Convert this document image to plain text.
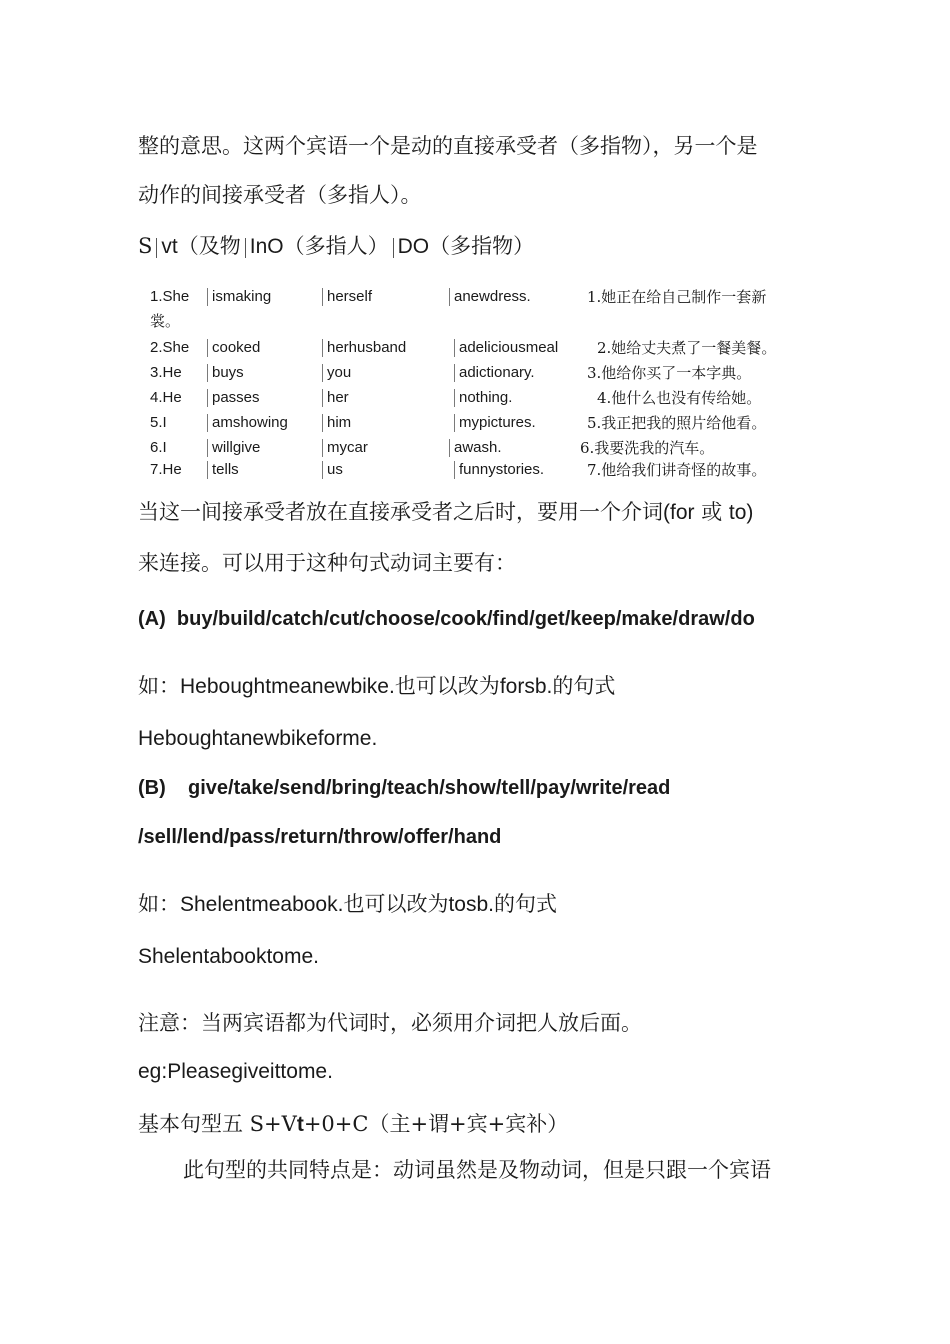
整的意思。这两个宾语一个是动的直接承受者（多指物），另一个是
动作的间接承受者（多指人）。
S vt（及物 InO（多指人） DO（多指物）
1.She	ismaking	herself	anewdress.	1.她正在给自己制作一套新
裳。
2.She	cooked	herhusband	adeliciousmeal	2.她给丈夫煮了一餐美餐。
3.He	buys	you	adictionary.	3.他给你买了一本字典。
4.He	passes	her	nothing.	4.他什么也没有传给她。
5.I	amshowing	him	mypictures.	5.我正把我的照片给他看。
6.I	willgive	mycar	awash.	6.我要洗我的汽车。
7.He	tells	us	funnystories.	7.他给我们讲奇怪的故事。
当这一间接承受者放在直接承受者之后时，要用一个介词(for 或 to)
来连接。可以用于这种句式动词主要有：
(A) buy/build/catch/cut/choose/cook/find/get/keep/make/draw/do
如：Heboughtmeanewbike.也可以改为forsb.的句式
Heboughtanewbikeforme.
(B) give/take/send/bring/teach/show/tell/pay/write/read
/sell/lend/pass/return/throw/offer/hand
如：Shelentmeabook.也可以改为tosb.的句式
Shelentabooktome.
注意：当两宾语都为代词时，必须用介词把人放后面。
eg:Pleasegiveittome.
基本句型五 S+Vt+0+C（主+谓+宾+宾补）
此句型的共同特点是：动词虽然是及物动词，但是只跟一个宾语
